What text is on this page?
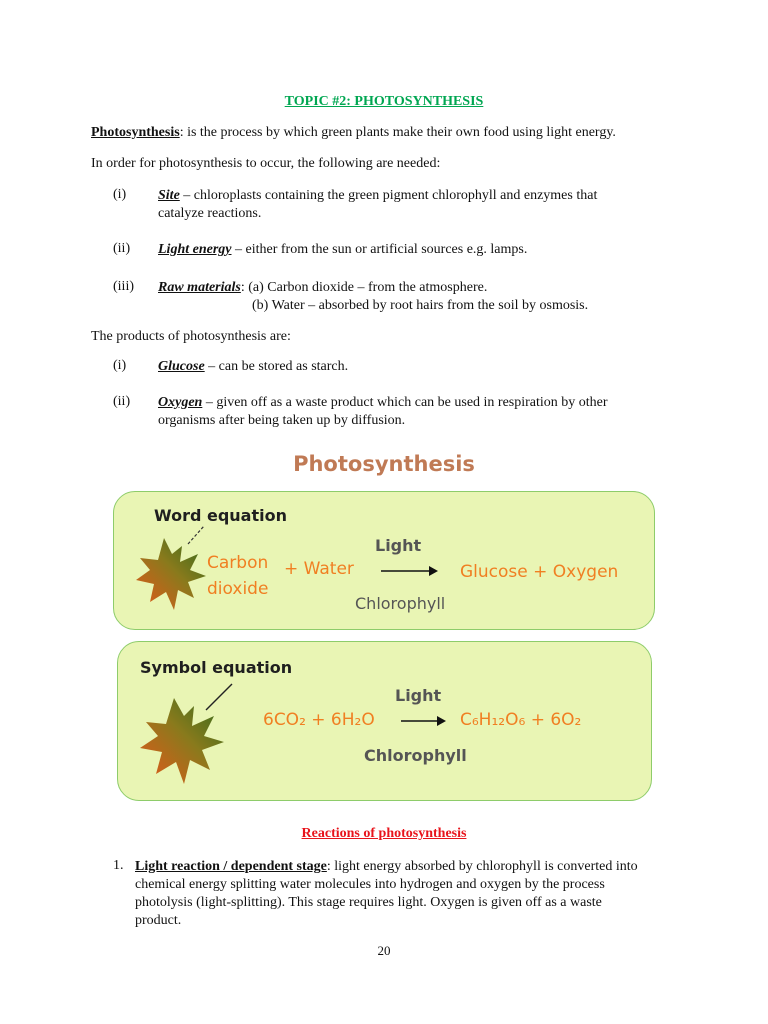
TOPIC #2: PHOTOSYNTHESIS
Photosynthesis: is the process by which green plants make their own food using light energy.
In order for photosynthesis to occur, the following are needed:
(i) Site – chloroplasts containing the green pigment chlorophyll and enzymes that
catalyze reactions.
(ii) Light energy – either from the sun or artificial sources e.g. lamps.
(iii) Raw materials: (a) Carbon dioxide – from the atmosphere.
(b) Water – absorbed by root hairs from the soil by osmosis.
The products of photosynthesis are:
(i) Glucose – can be stored as starch.
(ii) Oxygen – given off as a waste product which can be used in respiration by other
organisms after being taken up by diffusion.
Photosynthesis
Word equation
Carbon
dioxide
+ Water
Light
Chlorophyll
Glucose + Oxygen
Symbol equation
6CO₂ + 6H₂O
Light
Chlorophyll
C₆H₁₂O₆ + 6O₂
Reactions of photosynthesis
1. Light reaction / dependent stage: light energy absorbed by chlorophyll is converted into
chemical energy splitting water molecules into hydrogen and oxygen by the process
photolysis (light-splitting). This stage requires light. Oxygen is given off as a waste
product.
20
